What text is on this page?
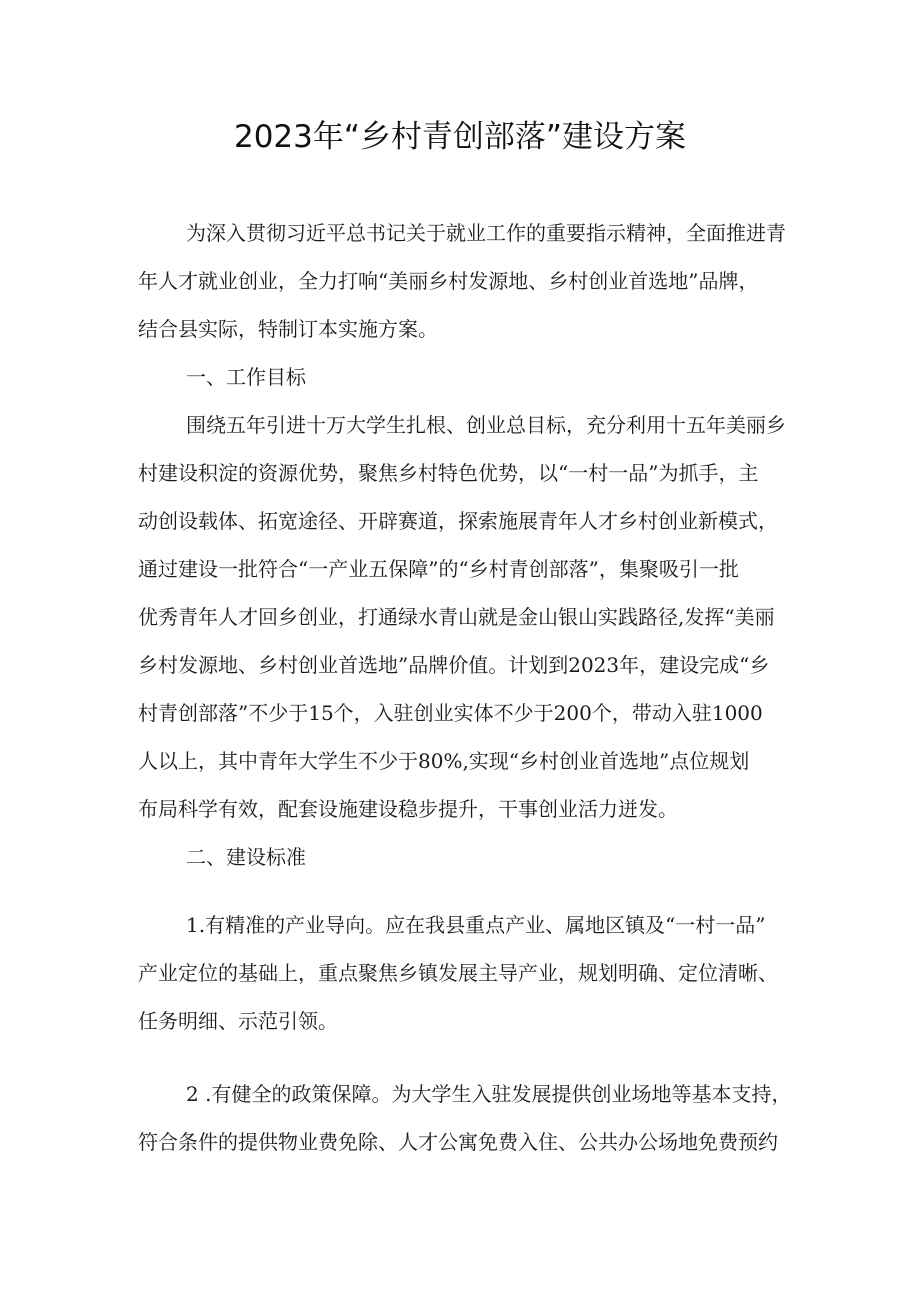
2023年“乡村青创部落”建设方案
为深入贯彻习近平总书记关于就业工作的重要指示精神，全面推进青
年人才就业创业，全力打响“美丽乡村发源地、乡村创业首选地”品牌，
结合县实际，特制订本实施方案。
一、工作目标
围绕五年引进十万大学生扎根、创业总目标，充分利用十五年美丽乡
村建设积淀的资源优势，聚焦乡村特色优势，以“一村一品”为抓手，主
动创设载体、拓宽途径、开辟赛道，探索施展青年人才乡村创业新模式，
通过建设一批符合“一产业五保障”的“乡村青创部落”，集聚吸引一批
优秀青年人才回乡创业，打通绿水青山就是金山银山实践路径,发挥“美丽
乡村发源地、乡村创业首选地”品牌价值。计划到2023年，建设完成“乡
村青创部落”不少于15个，入驻创业实体不少于200个，带动入驻1000
人以上，其中青年大学生不少于80%,实现“乡村创业首选地”点位规划
布局科学有效，配套设施建设稳步提升，干事创业活力迸发。
二、建设标准
1.有精准的产业导向。应在我县重点产业、属地区镇及“一村一品”
产业定位的基础上，重点聚焦乡镇发展主导产业，规划明确、定位清晰、
任务明细、示范引领。
2 .有健全的政策保障。为大学生入驻发展提供创业场地等基本支持，
符合条件的提供物业费免除、人才公寓免费入住、公共办公场地免费预约
